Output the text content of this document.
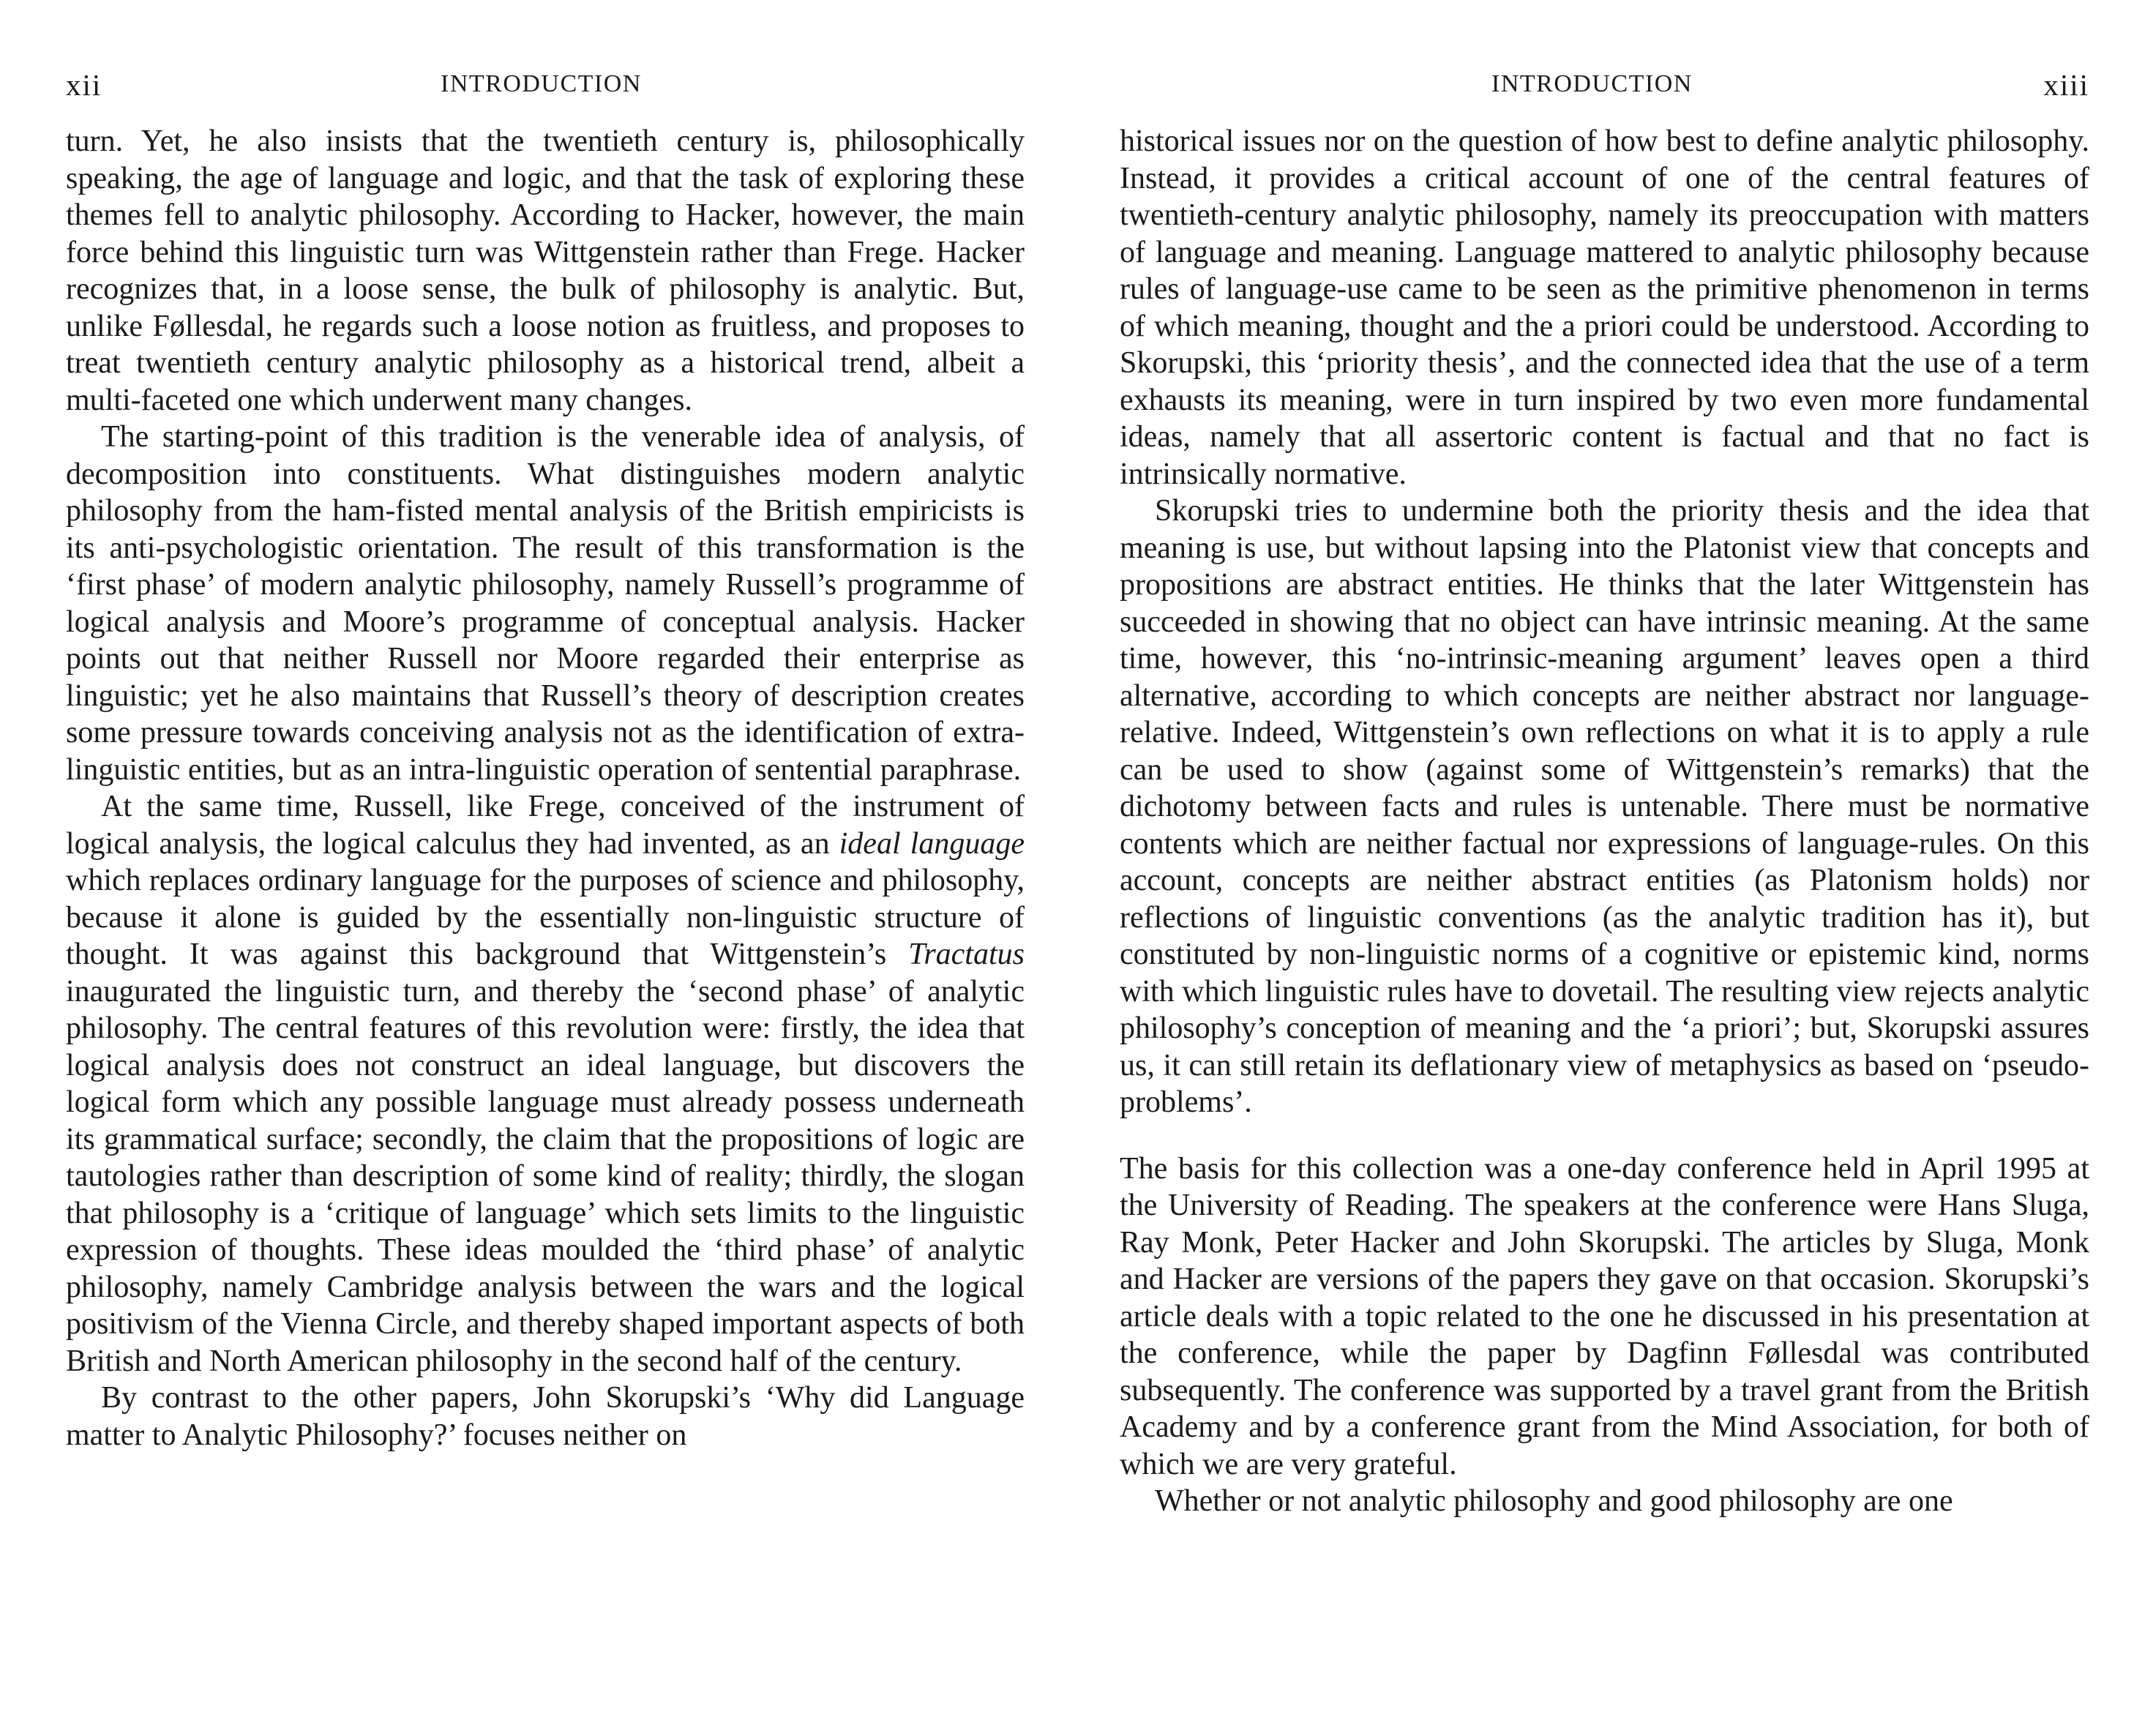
xii	INTRODUCTION

turn. Yet, he also insists that the twentieth century is, philosophically speaking, the age of language and logic, and that the task of exploring these themes fell to analytic philosophy. According to Hacker, however, the main force behind this linguistic turn was Wittgenstein rather than Frege. Hacker recognizes that, in a loose sense, the bulk of philosophy is analytic. But, unlike Føllesdal, he regards such a loose notion as fruitless, and proposes to treat twentieth century analytic philosophy as a historical trend, albeit a multi-faceted one which underwent many changes.

The starting-point of this tradition is the venerable idea of analysis, of decomposition into constituents. What distinguishes modern analytic philosophy from the ham-fisted mental analysis of the British empiricists is its anti-psychologistic orientation. The result of this transformation is the ‘first phase’ of modern analytic philosophy, namely Russell’s programme of logical analysis and Moore’s programme of conceptual analysis. Hacker points out that neither Russell nor Moore regarded their enterprise as linguistic; yet he also maintains that Russell’s theory of description creates some pressure towards conceiving analysis not as the identification of extra-linguistic entities, but as an intra-linguistic operation of sentential paraphrase.

At the same time, Russell, like Frege, conceived of the instrument of logical analysis, the logical calculus they had invented, as an ideal language which replaces ordinary language for the purposes of science and philosophy, because it alone is guided by the essentially non-linguistic structure of thought. It was against this background that Wittgenstein’s Tractatus inaugurated the linguistic turn, and thereby the ‘second phase’ of analytic philosophy. The central features of this revolution were: firstly, the idea that logical analysis does not construct an ideal language, but discovers the logical form which any possible language must already possess underneath its grammatical surface; secondly, the claim that the propositions of logic are tautologies rather than description of some kind of reality; thirdly, the slogan that philosophy is a ‘critique of language’ which sets limits to the linguistic expression of thoughts. These ideas moulded the ‘third phase’ of analytic philosophy, namely Cambridge analysis between the wars and the logical positivism of the Vienna Circle, and thereby shaped important aspects of both British and North American philosophy in the second half of the century.

By contrast to the other papers, John Skorupski’s ‘Why did Language matter to Analytic Philosophy?’ focuses neither on

INTRODUCTION	xiii

historical issues nor on the question of how best to define analytic philosophy. Instead, it provides a critical account of one of the central features of twentieth-century analytic philosophy, namely its preoccupation with matters of language and meaning. Language mattered to analytic philosophy because rules of language-use came to be seen as the primitive phenomenon in terms of which meaning, thought and the a priori could be understood. According to Skorupski, this ‘priority thesis’, and the connected idea that the use of a term exhausts its meaning, were in turn inspired by two even more fundamental ideas, namely that all assertoric content is factual and that no fact is intrinsically normative.

Skorupski tries to undermine both the priority thesis and the idea that meaning is use, but without lapsing into the Platonist view that concepts and propositions are abstract entities. He thinks that the later Wittgenstein has succeeded in showing that no object can have intrinsic meaning. At the same time, however, this ‘no-intrinsic-meaning argument’ leaves open a third alternative, according to which concepts are neither abstract nor language-relative. Indeed, Wittgenstein’s own reflections on what it is to apply a rule can be used to show (against some of Wittgenstein’s remarks) that the dichotomy between facts and rules is untenable. There must be normative contents which are neither factual nor expressions of language-rules. On this account, concepts are neither abstract entities (as Platonism holds) nor reflections of linguistic conventions (as the analytic tradition has it), but constituted by non-linguistic norms of a cognitive or epistemic kind, norms with which linguistic rules have to dovetail. The resulting view rejects analytic philosophy’s conception of meaning and the ‘a priori’; but, Skorupski assures us, it can still retain its deflationary view of metaphysics as based on ‘pseudo-problems’.

The basis for this collection was a one-day conference held in April 1995 at the University of Reading. The speakers at the conference were Hans Sluga, Ray Monk, Peter Hacker and John Skorupski. The articles by Sluga, Monk and Hacker are versions of the papers they gave on that occasion. Skorupski’s article deals with a topic related to the one he discussed in his presentation at the conference, while the paper by Dagfinn Føllesdal was contributed subsequently. The conference was supported by a travel grant from the British Academy and by a conference grant from the Mind Association, for both of which we are very grateful.

Whether or not analytic philosophy and good philosophy are one
